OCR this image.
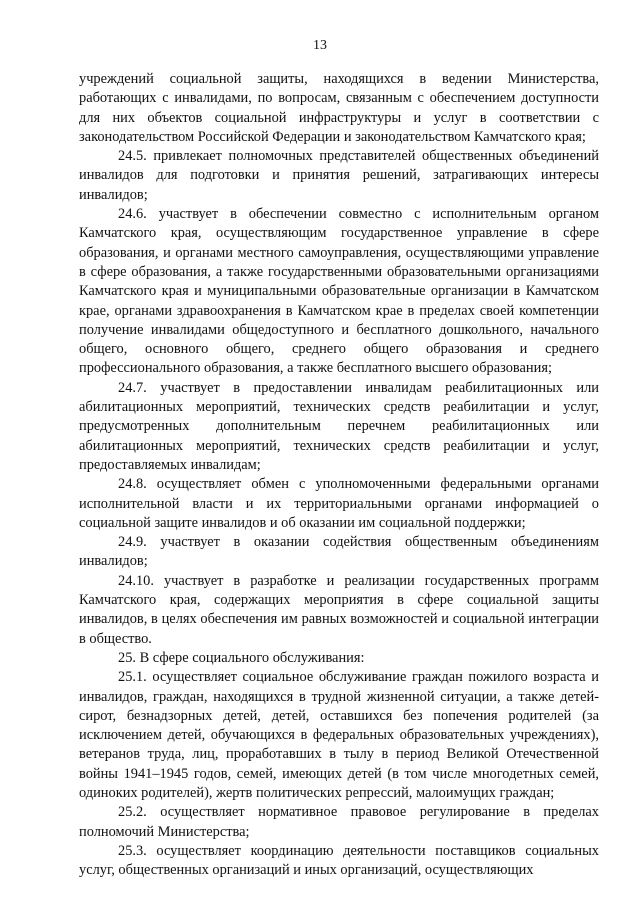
13

учреждений социальной защиты, находящихся в ведении Министерства, работающих с инвалидами, по вопросам, связанным с обеспечением доступности для них объектов социальной инфраструктуры и услуг в соответствии с законодательством Российской Федерации и законодательством Камчатского края;

24.5. привлекает полномочных представителей общественных объединений инвалидов для подготовки и принятия решений, затрагивающих интересы инвалидов;

24.6. участвует в обеспечении совместно с исполнительным органом Камчатского края, осуществляющим государственное управление в сфере образования, и органами местного самоуправления, осуществляющими управление в сфере образования, а также государственными образовательными организациями Камчатского края и муниципальными образовательные организации в Камчатском крае, органами здравоохранения в Камчатском крае в пределах своей компетенции получение инвалидами общедоступного и бесплатного дошкольного, начального общего, основного общего, среднего общего образования и среднего профессионального образования, а также бесплатного высшего образования;

24.7. участвует в предоставлении инвалидам реабилитационных или абилитационных мероприятий, технических средств реабилитации и услуг, предусмотренных дополнительным перечнем реабилитационных или абилитационных мероприятий, технических средств реабилитации и услуг, предоставляемых инвалидам;

24.8. осуществляет обмен с уполномоченными федеральными органами исполнительной власти и их территориальными органами информацией о социальной защите инвалидов и об оказании им социальной поддержки;

24.9. участвует в оказании содействия общественным объединениям инвалидов;

24.10. участвует в разработке и реализации государственных программ Камчатского края, содержащих мероприятия в сфере социальной защиты инвалидов, в целях обеспечения им равных возможностей и социальной интеграции в общество.

25. В сфере социального обслуживания:

25.1. осуществляет социальное обслуживание граждан пожилого возраста и инвалидов, граждан, находящихся в трудной жизненной ситуации, а также детей-сирот, безнадзорных детей, детей, оставшихся без попечения родителей (за исключением детей, обучающихся в федеральных образовательных учреждениях), ветеранов труда, лиц, проработавших в тылу в период Великой Отечественной войны 1941–1945 годов, семей, имеющих детей (в том числе многодетных семей, одиноких родителей), жертв политических репрессий, малоимущих граждан;

25.2. осуществляет нормативное правовое регулирование в пределах полномочий Министерства;

25.3. осуществляет координацию деятельности поставщиков социальных услуг, общественных организаций и иных организаций, осуществляющих
